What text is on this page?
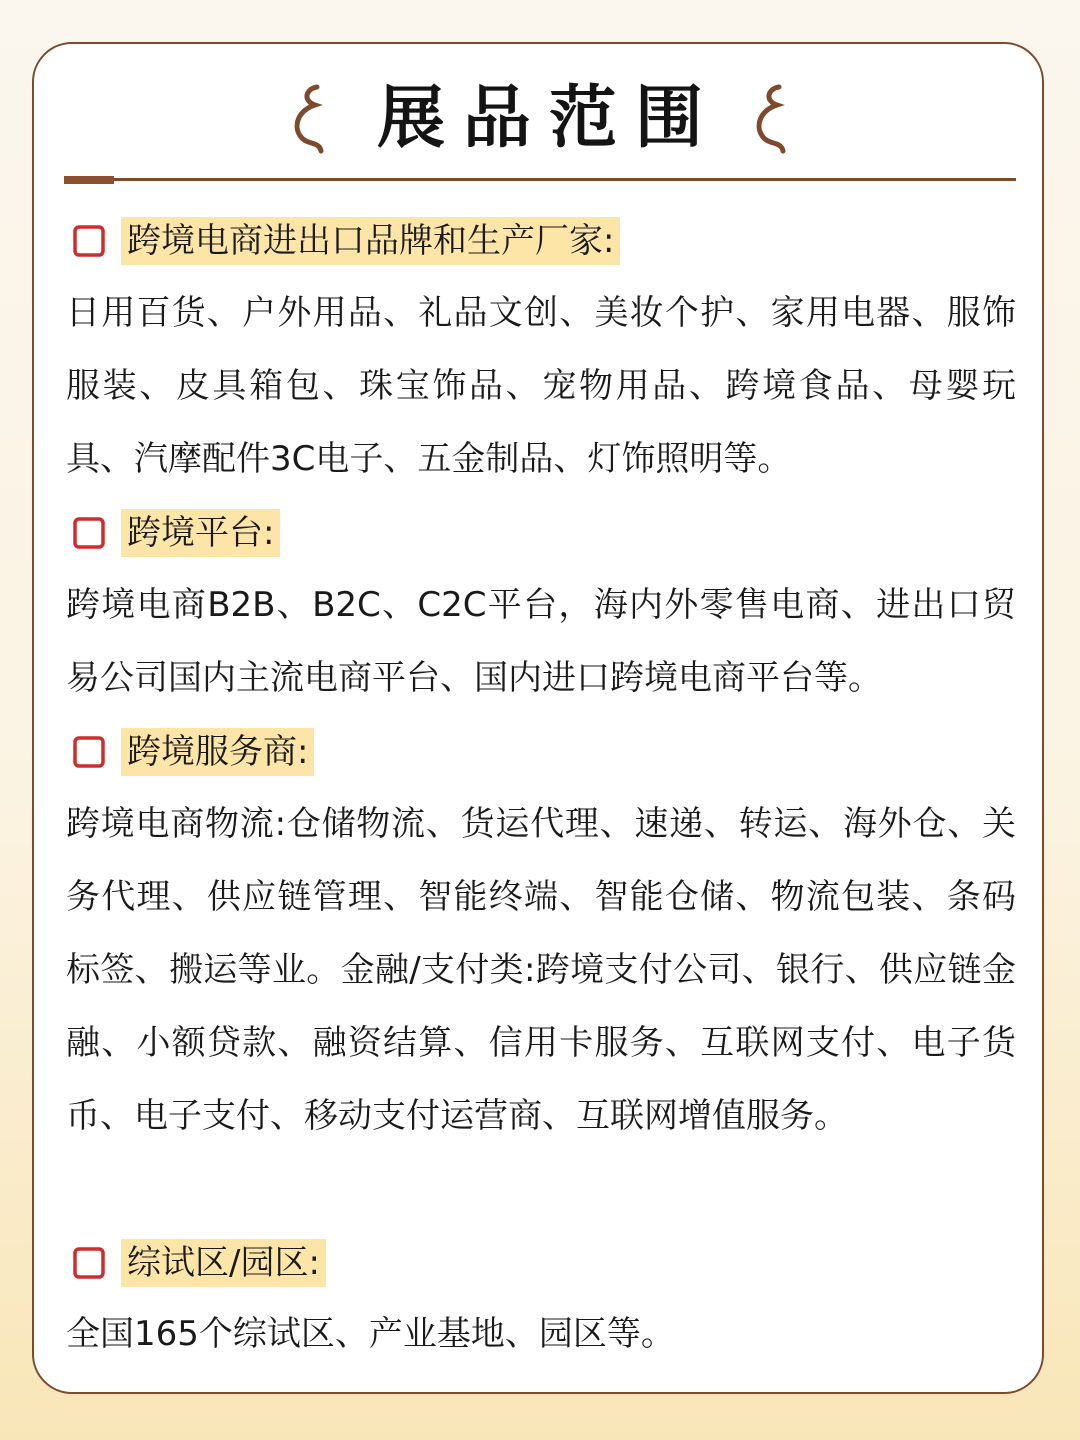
展品范围
跨境电商进出口品牌和生产厂家:

日用百货、户外用品、礼品文创、美妆个护、家用电器、服饰服装、皮具箱包、珠宝饰品、宠物用品、跨境食品、母婴玩具、汽摩配件3C电子、五金制品、灯饰照明等。

跨境平台:

跨境电商B2B、B2C、C2C平台，海内外零售电商、进出口贸易公司国内主流电商平台、国内进口跨境电商平台等。

跨境服务商:

跨境电商物流:仓储物流、货运代理、速递、转运、海外仓、关务代理、供应链管理、智能终端、智能仓储、物流包装、条码标签、搬运等业。金融/支付类:跨境支付公司、银行、供应链金融、小额贷款、融资结算、信用卡服务、互联网支付、电子货币、电子支付、移动支付运营商、互联网增值服务。

综试区/园区:

全国165个综试区、产业基地、园区等。
